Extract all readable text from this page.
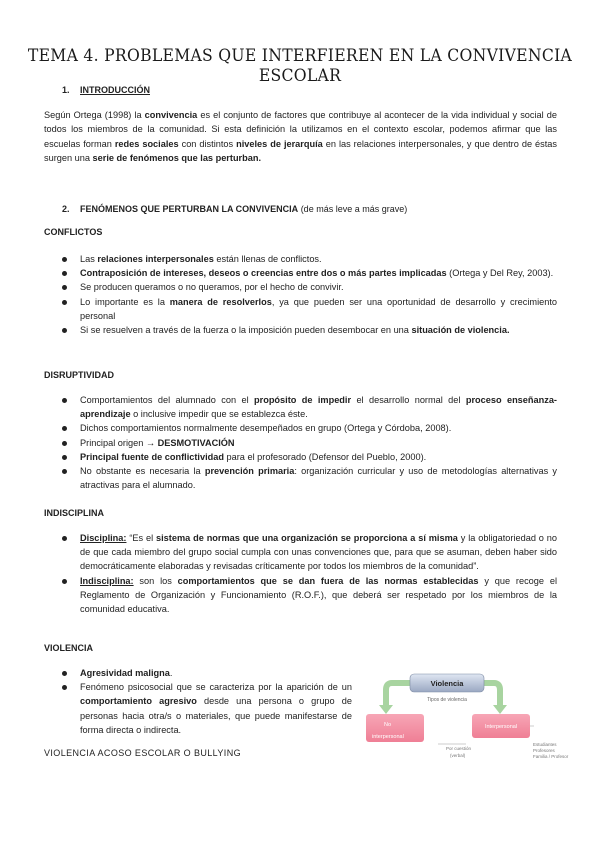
TEMA 4. PROBLEMAS QUE INTERFIEREN EN LA CONVIVENCIA ESCOLAR
1. INTRODUCCIÓN
Según Ortega (1998) la convivencia es el conjunto de factores que contribuye al acontecer de la vida individual y social de todos los miembros de la comunidad. Si esta definición la utilizamos en el contexto escolar, podemos afirmar que las escuelas forman redes sociales con distintos niveles de jerarquía en las relaciones interpersonales, y que dentro de éstas surgen una serie de fenómenos que las perturban.
2. FENÓMENOS QUE PERTURBAN LA CONVIVENCIA (de más leve a más grave)
CONFLICTOS
Las relaciones interpersonales están llenas de conflictos.
Contraposición de intereses, deseos o creencias entre dos o más partes implicadas (Ortega y Del Rey, 2003).
Se producen queramos o no queramos, por el hecho de convivir.
Lo importante es la manera de resolverlos, ya que pueden ser una oportunidad de desarrollo y crecimiento personal
Si se resuelven a través de la fuerza o la imposición pueden desembocar en una situación de violencia.
DISRUPTIVIDAD
Comportamientos del alumnado con el propósito de impedir el desarrollo normal del proceso enseñanza-aprendizaje o inclusive impedir que se establezca éste.
Dichos comportamientos normalmente desempeñados en grupo (Ortega y Córdoba, 2008).
Principal origen → DESMOTIVACIÓN
Principal fuente de conflictividad para el profesorado (Defensor del Pueblo, 2000).
No obstante es necesaria la prevención primaria: organización curricular y uso de metodologías alternativas y atractivas para el alumnado.
INDISCIPLINA
Disciplina: “Es el sistema de normas que una organización se proporciona a sí misma y la obligatoriedad o no de que cada miembro del grupo social cumpla con unas convenciones que, para que se asuman, deben haber sido democráticamente elaboradas y revisadas críticamente por todos los miembros de la comunidad”.
Indisciplina: son los comportamientos que se dan fuera de las normas establecidas y que recoge el Reglamento de Organización y Funcionamiento (R.O.F.), que deberá ser respetado por los miembros de la comunidad educativa.
VIOLENCIA
Agresividad maligna.
Fenómeno psicosocial que se caracteriza por la aparición de un comportamiento agresivo desde una persona o grupo de personas hacia otra/s o materiales, que puede manifestarse de forma directa o indirecta.
VIOLENCIA ACOSO ESCOLAR O BULLYING
Violencia
Tipos de violencia
No
interpersonal
Interpersonal
Por cuestión
(verbal)
Estudiantes
Profesores
Familia / Profesor
